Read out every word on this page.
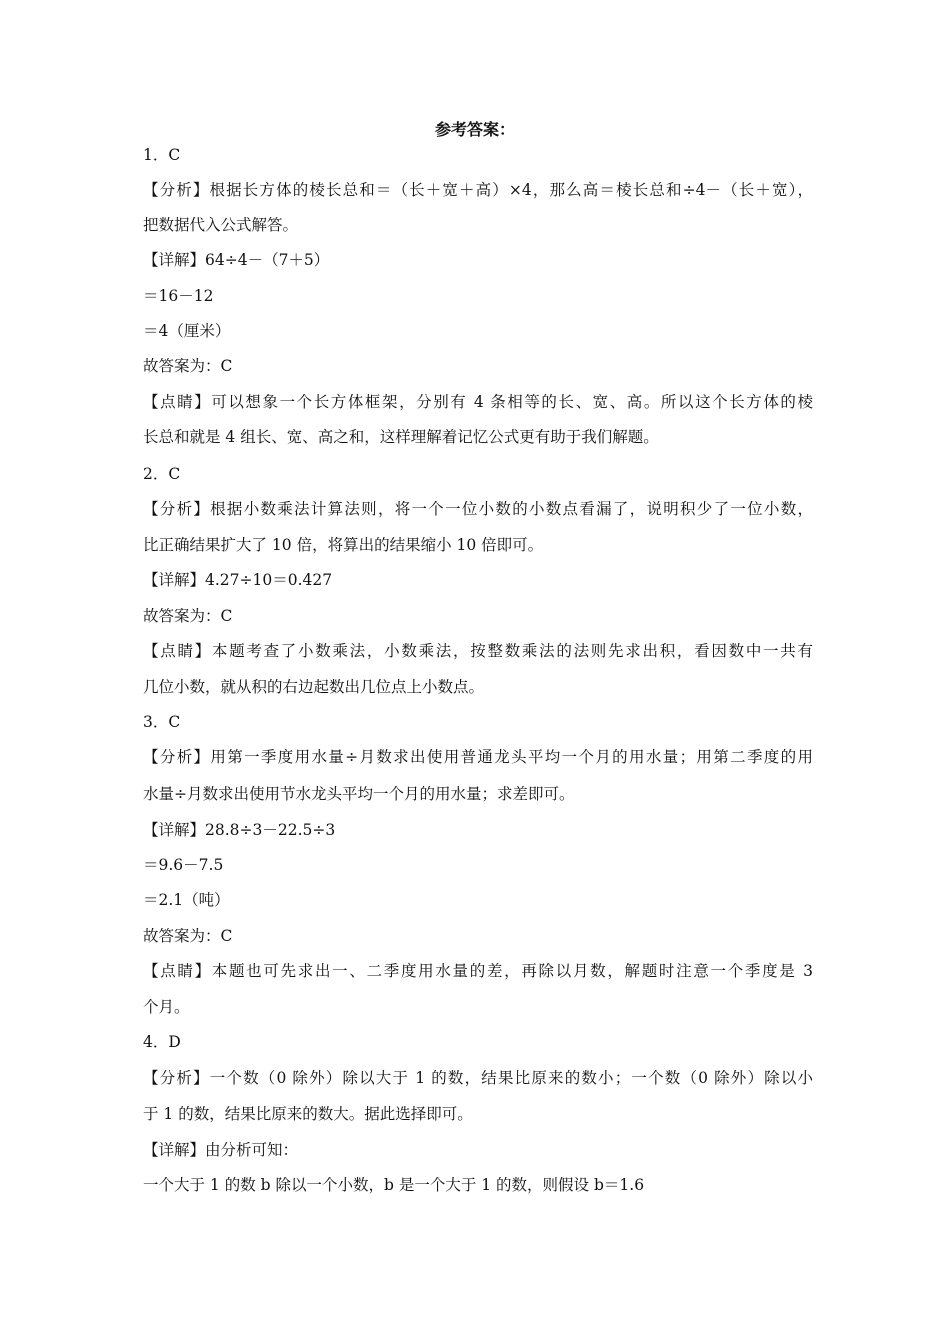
参考答案：
1．C
【分析】根据长方体的棱长总和＝（长＋宽＋高）×4，那么高＝棱长总和÷4－（长＋宽），
把数据代入公式解答。
【详解】64÷4－（7＋5）
＝16－12
＝4（厘米）
故答案为：C
【点睛】可以想象一个长方体框架，分别有 4 条相等的长、宽、高。所以这个长方体的棱
长总和就是 4 组长、宽、高之和，这样理解着记忆公式更有助于我们解题。
2．C
【分析】根据小数乘法计算法则，将一个一位小数的小数点看漏了，说明积少了一位小数，
比正确结果扩大了 10 倍，将算出的结果缩小 10 倍即可。
【详解】4.27÷10＝0.427
故答案为：C
【点睛】本题考查了小数乘法，小数乘法，按整数乘法的法则先求出积，看因数中一共有
几位小数，就从积的右边起数出几位点上小数点。
3．C
【分析】用第一季度用水量÷月数求出使用普通龙头平均一个月的用水量；用第二季度的用
水量÷月数求出使用节水龙头平均一个月的用水量；求差即可。
【详解】28.8÷3－22.5÷3
＝9.6－7.5
＝2.1（吨）
故答案为：C
【点睛】本题也可先求出一、二季度用水量的差，再除以月数，解题时注意一个季度是 3
个月。
4．D
【分析】一个数（0 除外）除以大于 1 的数，结果比原来的数小；一个数（0 除外）除以小
于 1 的数，结果比原来的数大。据此选择即可。
【详解】由分析可知：
一个大于 1 的数 b 除以一个小数，b 是一个大于 1 的数，则假设 b＝1.6
